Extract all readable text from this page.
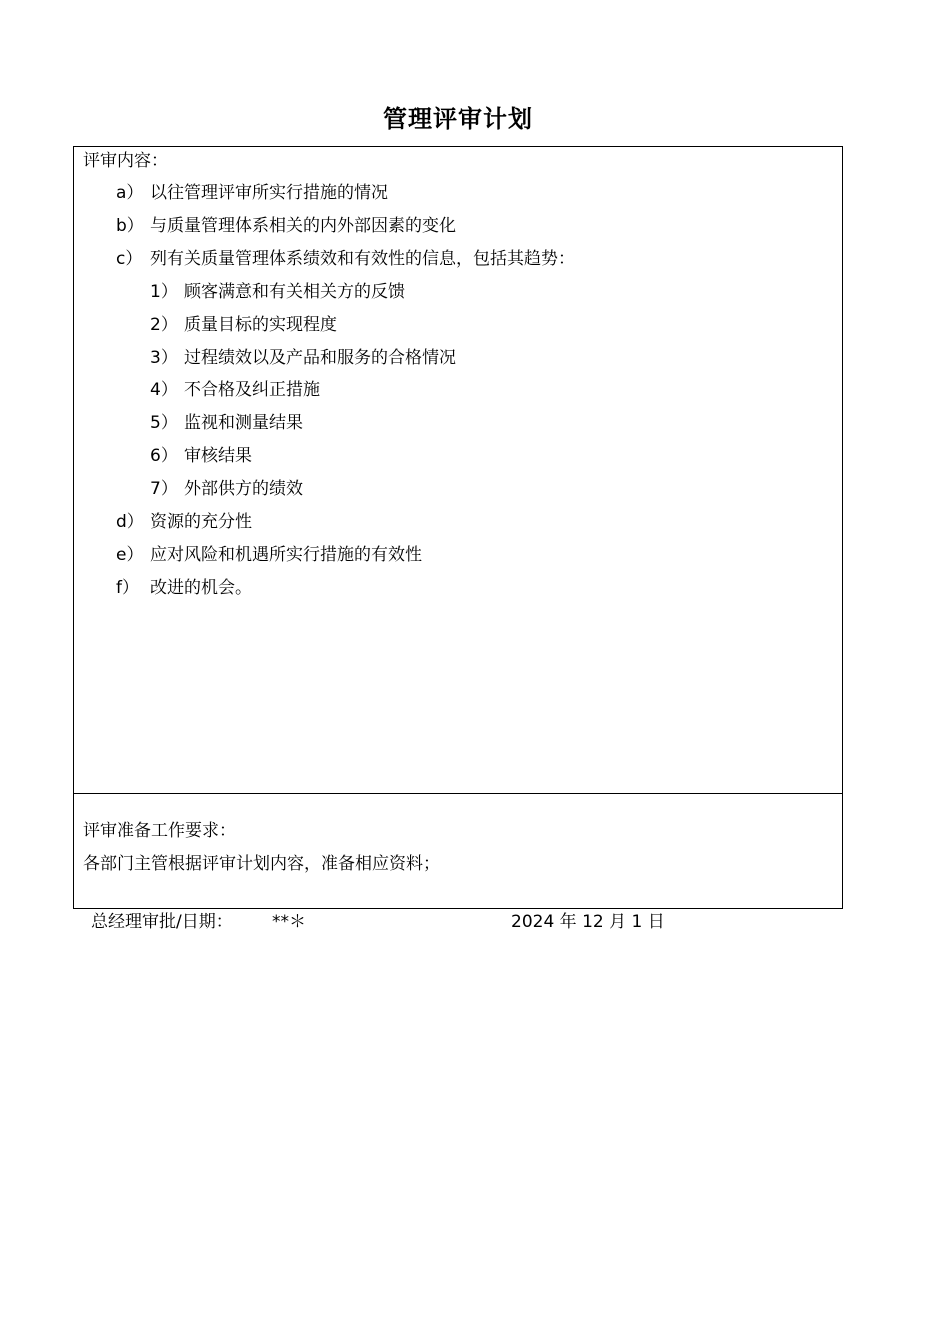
管理评审计划
评审内容：
a） 以往管理评审所实行措施的情况
b） 与质量管理体系相关的内外部因素的变化
c） 列有关质量管理体系绩效和有效性的信息，包括其趋势：
1） 顾客满意和有关相关方的反馈
2） 质量目标的实现程度
3） 过程绩效以及产品和服务的合格情况
4） 不合格及纠正措施
5） 监视和测量结果
6） 审核结果
7） 外部供方的绩效
d） 资源的充分性
e） 应对风险和机遇所实行措施的有效性
f） 改进的机会。
评审准备工作要求：
各部门主管根据评审计划内容，准备相应资料；
总经理审批/日期： **＊	2024 年 12 月 1 日
